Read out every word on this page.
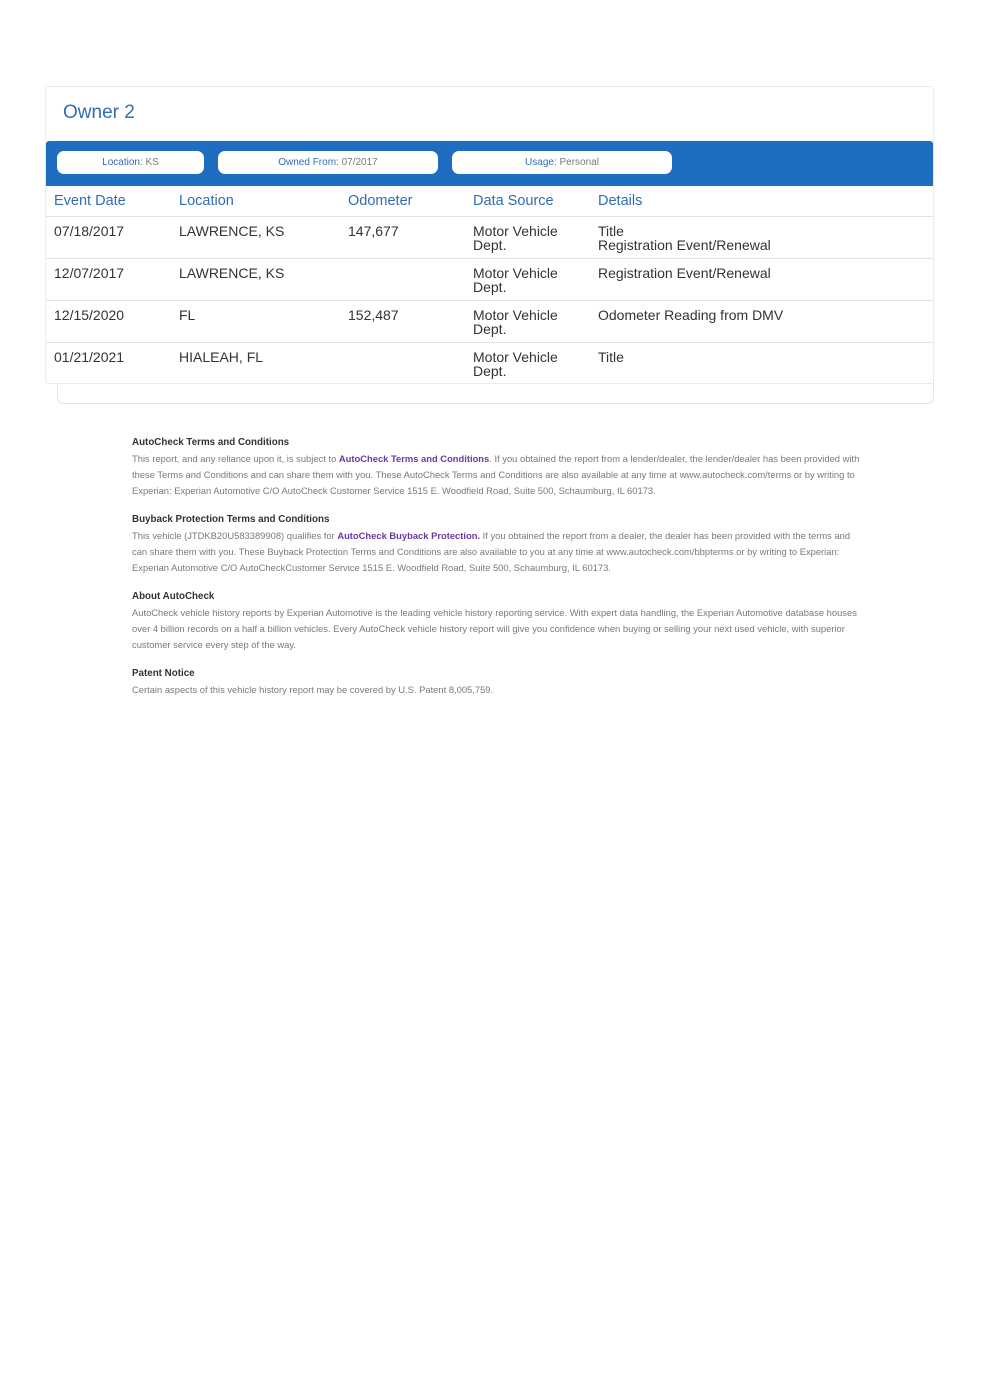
Owner 2
Location: KS	Owned From: 07/2017	Usage: Personal
Event Date	Location	Odometer	Data Source	Details
07/18/2017	LAWRENCE, KS	147,677	Motor Vehicle Dept.	Title
Registration Event/Renewal

12/07/2017	LAWRENCE, KS		Motor Vehicle Dept.	Registration Event/Renewal

12/15/2020	FL	152,487	Motor Vehicle Dept.	Odometer Reading from DMV

01/21/2021	HIALEAH, FL		Motor Vehicle Dept.	Title

AutoCheck Terms and Conditions

This report, and any reliance upon it, is subject to AutoCheck Terms and Conditions. If you obtained the report from a lender/dealer, the lender/dealer has been provided with these Terms and Conditions and can share them with you. These AutoCheck Terms and Conditions are also available at any time at www.autocheck.com/terms or by writing to Experian: Experian Automotive C/O AutoCheck Customer Service 1515 E. Woodfield Road, Suite 500, Schaumburg, IL 60173.

Buyback Protection Terms and Conditions

This vehicle (JTDKB20U583389908) qualifies for AutoCheck Buyback Protection. If you obtained the report from a dealer, the dealer has been provided with the terms and can share them with you. These Buyback Protection Terms and Conditions are also available to you at any time at www.autocheck.com/bbpterms or by writing to Experian: Experian Automotive C/O AutoCheckCustomer Service 1515 E. Woodfield Road, Suite 500, Schaumburg, IL 60173.

About AutoCheck

AutoCheck vehicle history reports by Experian Automotive is the leading vehicle history reporting service. With expert data handling, the Experian Automotive database houses over 4 billion records on a half a billion vehicles. Every AutoCheck vehicle history report will give you confidence when buying or selling your next used vehicle, with superior customer service every step of the way.

Patent Notice

Certain aspects of this vehicle history report may be covered by U.S. Patent 8,005,759.
